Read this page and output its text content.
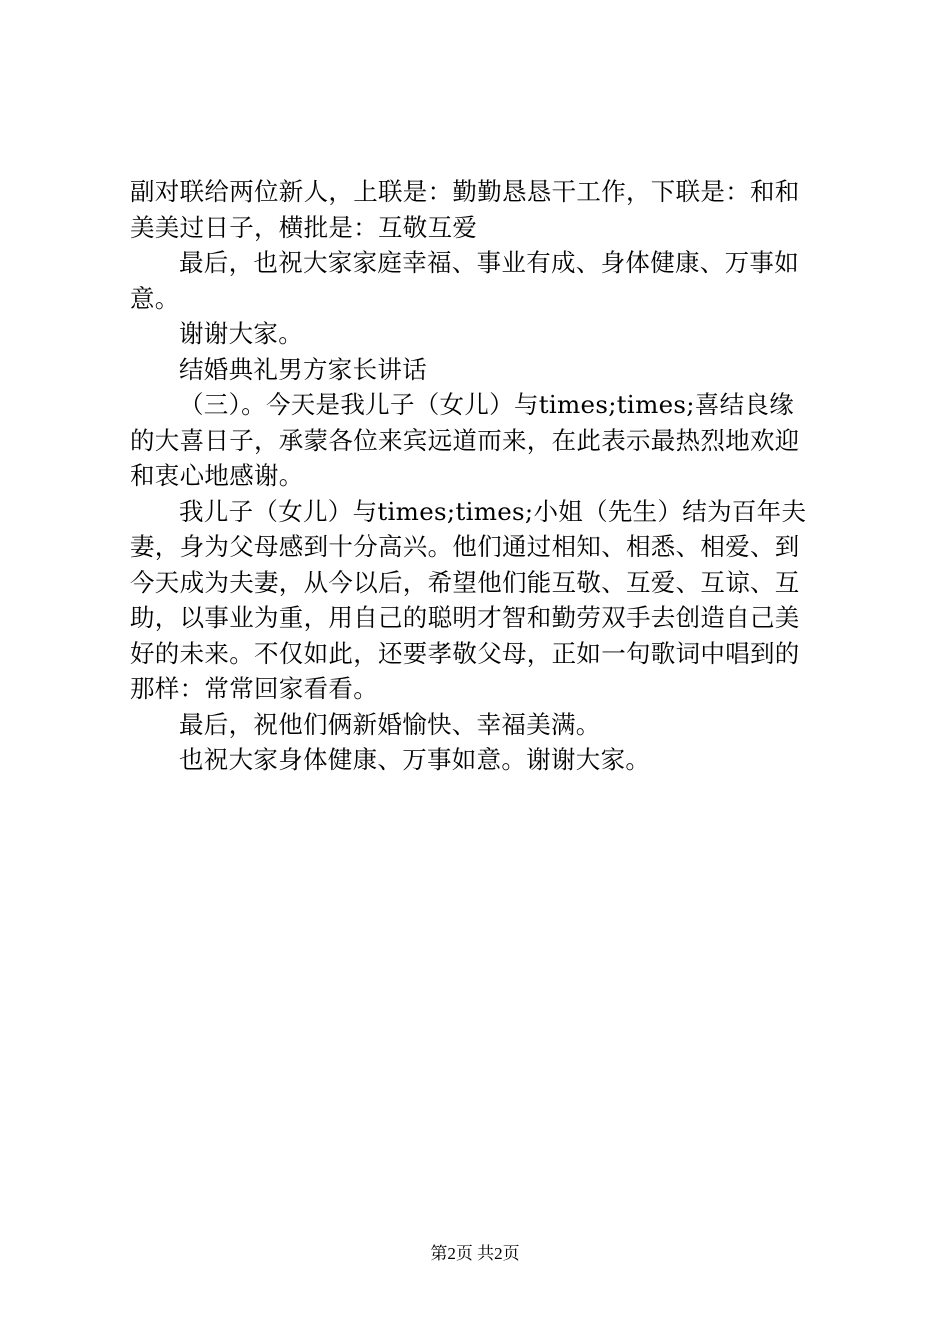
副对联给两位新人，上联是：勤勤恳恳干工作，下联是：和和
美美过日子，横批是：互敬互爱
最后，也祝大家家庭幸福、事业有成、身体健康、万事如
意。
谢谢大家。
结婚典礼男方家长讲话
（三）。今天是我儿子（女儿）与times;times;喜结良缘
的大喜日子，承蒙各位来宾远道而来，在此表示最热烈地欢迎
和衷心地感谢。
我儿子（女儿）与times;times;小姐（先生）结为百年夫
妻，身为父母感到十分高兴。他们通过相知、相悉、相爱、到
今天成为夫妻，从今以后，希望他们能互敬、互爱、互谅、互
助，以事业为重，用自己的聪明才智和勤劳双手去创造自己美
好的未来。不仅如此，还要孝敬父母，正如一句歌词中唱到的
那样：常常回家看看。
最后，祝他们俩新婚愉快、幸福美满。
也祝大家身体健康、万事如意。谢谢大家。
第2页 共2页
